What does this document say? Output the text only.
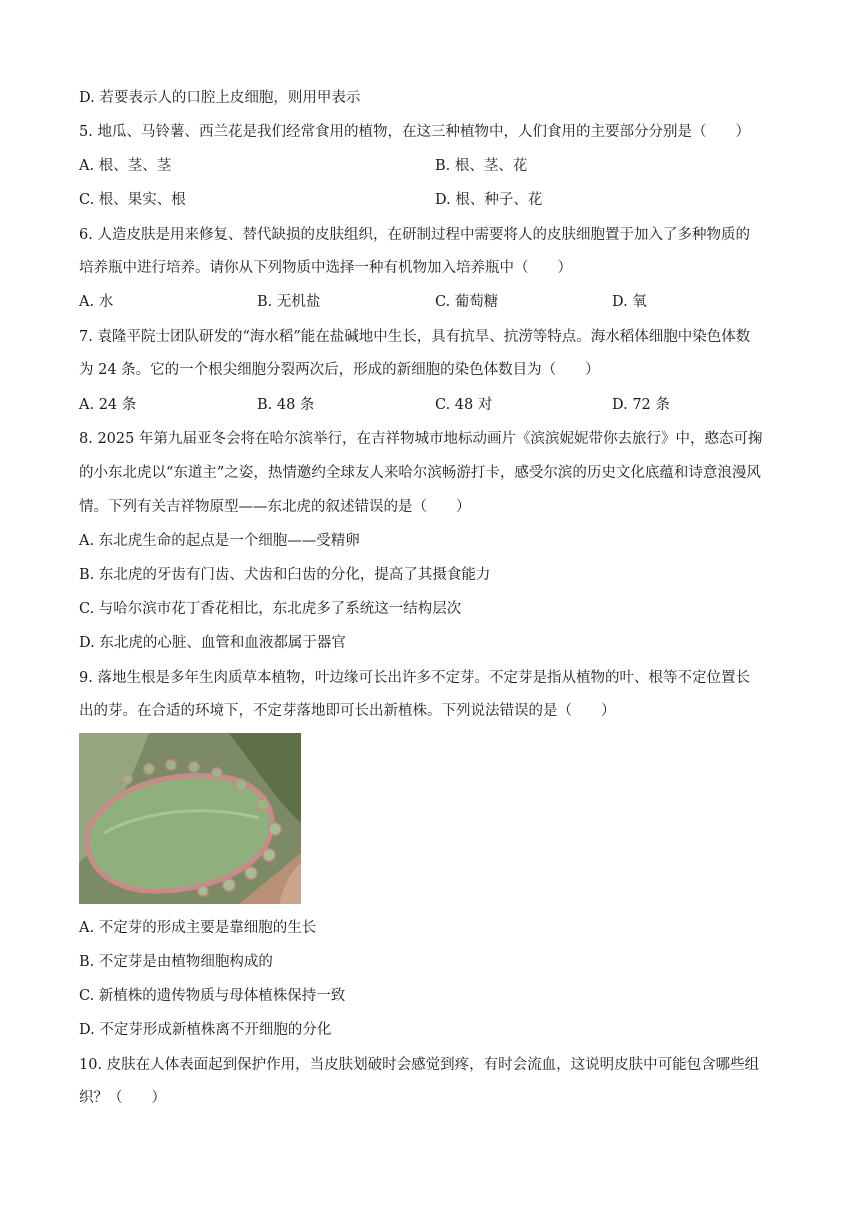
D. 若要表示人的口腔上皮细胞，则用甲表示
5. 地瓜、马铃薯、西兰花是我们经常食用的植物，在这三种植物中，人们食用的主要部分分别是（　　）
A. 根、茎、茎	B. 根、茎、花
C. 根、果实、根	D. 根、种子、花
6. 人造皮肤是用来修复、替代缺损的皮肤组织，在研制过程中需要将人的皮肤细胞置于加入了多种物质的
培养瓶中进行培养。请你从下列物质中选择一种有机物加入培养瓶中（　　）
A. 水	B. 无机盐	C. 葡萄糖	D. 氧
7. 袁隆平院士团队研发的“海水稻”能在盐碱地中生长，具有抗旱、抗涝等特点。海水稻体细胞中染色体数
为 24 条。它的一个根尖细胞分裂两次后，形成的新细胞的染色体数目为（　　）
A. 24 条	B. 48 条	C. 48 对	D. 72 条
8. 2025 年第九届亚冬会将在哈尔滨举行，在吉祥物城市地标动画片《滨滨妮妮带你去旅行》中，憨态可掬
的小东北虎以“东道主”之姿，热情邀约全球友人来哈尔滨畅游打卡，感受尔滨的历史文化底蕴和诗意浪漫风
情。下列有关吉祥物原型——东北虎的叙述错误的是（　　）
A. 东北虎生命的起点是一个细胞——受精卵
B. 东北虎的牙齿有门齿、犬齿和臼齿的分化，提高了其摄食能力
C. 与哈尔滨市花丁香花相比，东北虎多了系统这一结构层次
D. 东北虎的心脏、血管和血液都属于器官
9. 落地生根是多年生肉质草本植物，叶边缘可长出许多不定芽。不定芽是指从植物的叶、根等不定位置长
出的芽。在合适的环境下，不定芽落地即可长出新植株。下列说法错误的是（　　）
A. 不定芽的形成主要是靠细胞的生长
B. 不定芽是由植物细胞构成的
C. 新植株的遗传物质与母体植株保持一致
D. 不定芽形成新植株离不开细胞的分化
10. 皮肤在人体表面起到保护作用，当皮肤划破时会感觉到疼，有时会流血，这说明皮肤中可能包含哪些组
织？（　　）
